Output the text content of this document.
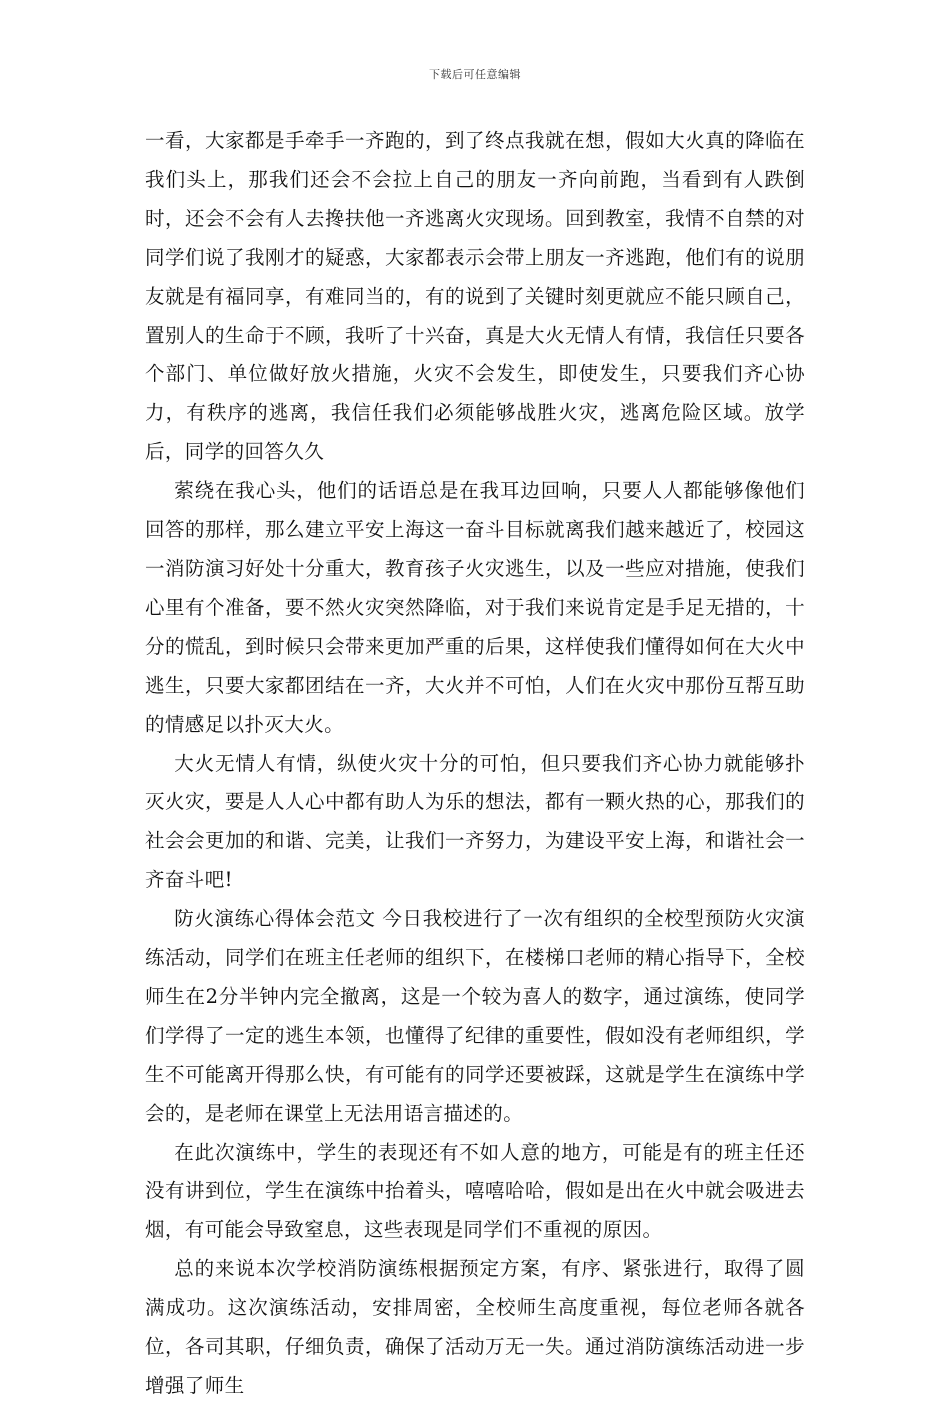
下载后可任意编辑

一看，大家都是手牵手一齐跑的，到了终点我就在想，假如大火真的降临在我们头上，那我们还会不会拉上自己的朋友一齐向前跑，当看到有人跌倒时，还会不会有人去搀扶他一齐逃离火灾现场。回到教室，我情不自禁的对同学们说了我刚才的疑惑，大家都表示会带上朋友一齐逃跑，他们有的说朋友就是有福同享，有难同当的，有的说到了关键时刻更就应不能只顾自己，置别人的生命于不顾，我听了十兴奋，真是大火无情人有情，我信任只要各个部门、单位做好放火措施，火灾不会发生，即使发生，只要我们齐心协力，有秩序的逃离，我信任我们必须能够战胜火灾，逃离危险区域。放学后，同学的回答久久

萦绕在我心头，他们的话语总是在我耳边回响，只要人人都能够像他们回答的那样，那么建立平安上海这一奋斗目标就离我们越来越近了，校园这一消防演习好处十分重大，教育孩子火灾逃生，以及一些应对措施，使我们心里有个准备，要不然火灾突然降临，对于我们来说肯定是手足无措的，十分的慌乱，到时候只会带来更加严重的后果，这样使我们懂得如何在大火中逃生，只要大家都团结在一齐，大火并不可怕，人们在火灾中那份互帮互助的情感足以扑灭大火。

大火无情人有情，纵使火灾十分的可怕，但只要我们齐心协力就能够扑灭火灾，要是人人心中都有助人为乐的想法，都有一颗火热的心，那我们的社会会更加的和谐、完美，让我们一齐努力，为建设平安上海，和谐社会一齐奋斗吧!

防火演练心得体会范文 今日我校进行了一次有组织的全校型预防火灾演练活动，同学们在班主任老师的组织下，在楼梯口老师的精心指导下，全校师生在2分半钟内完全撤离，这是一个较为喜人的数字，通过演练，使同学们学得了一定的逃生本领，也懂得了纪律的重要性，假如没有老师组织，学生不可能离开得那么快，有可能有的同学还要被踩，这就是学生在演练中学会的，是老师在课堂上无法用语言描述的。

在此次演练中，学生的表现还有不如人意的地方，可能是有的班主任还没有讲到位，学生在演练中抬着头，嘻嘻哈哈，假如是出在火中就会吸进去烟，有可能会导致窒息，这些表现是同学们不重视的原因。

总的来说本次学校消防演练根据预定方案，有序、紧张进行，取得了圆满成功。这次演练活动，安排周密，全校师生高度重视，每位老师各就各位，各司其职，仔细负责，确保了活动万无一失。通过消防演练活动进一步增强了师生
